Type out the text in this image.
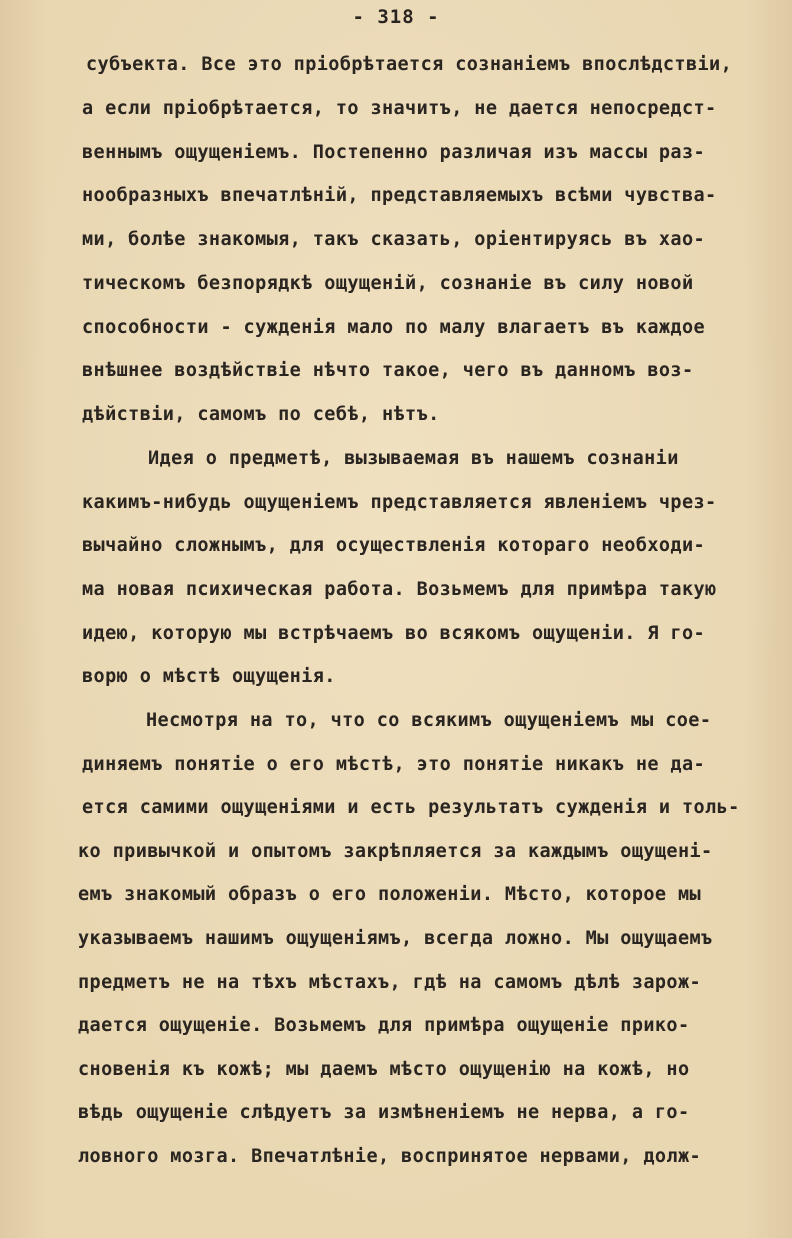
- 318 -
субъекта. Все это пріобрѣтается сознаніемъ впослѣдствіи,
а если пріобрѣтается, то значитъ, не дается непосредст-
веннымъ ощущеніемъ. Постепенно различая изъ массы раз-
нообразныхъ впечатлѣній, представляемыхъ всѣми чувства-
ми, болѣе знакомыя, такъ сказать, оріентируясь въ хао-
тическомъ безпорядкѣ ощущеній, сознаніе въ силу новой
способности - сужденія мало по малу влагаетъ въ каждое
внѣшнее воздѣйствіе нѣчто такое, чего въ данномъ воз-
дѣйствіи, самомъ по себѣ, нѣтъ.
Идея о предметѣ, вызываемая въ нашемъ сознаніи
какимъ-нибудь ощущеніемъ представляется явленіемъ чрез-
вычайно сложнымъ, для осуществленія котораго необходи-
ма новая психическая работа. Возьмемъ для примѣра такую
идею, которую мы встрѣчаемъ во всякомъ ощущеніи. Я го-
ворю о мѣстѣ ощущенія.
Несмотря на то, что со всякимъ ощущеніемъ мы сое-
диняемъ понятіе о его мѣстѣ, это понятіе никакъ не да-
ется самими ощущеніями и есть результатъ сужденія и толь-
ко привычкой и опытомъ закрѣпляется за каждымъ ощущені-
емъ знакомый образъ о его положеніи. Мѣсто, которое мы
указываемъ нашимъ ощущеніямъ, всегда ложно. Мы ощущаемъ
предметъ не на тѣхъ мѣстахъ, гдѣ на самомъ дѣлѣ зарож-
дается ощущеніе. Возьмемъ для примѣра ощущеніе прико-
сновенія къ кожѣ; мы даемъ мѣсто ощущенію на кожѣ, но
вѣдь ощущеніе слѣдуетъ за измѣненіемъ не нерва, а го-
ловного мозга. Впечатлѣніе, воспринятое нервами, долж-
